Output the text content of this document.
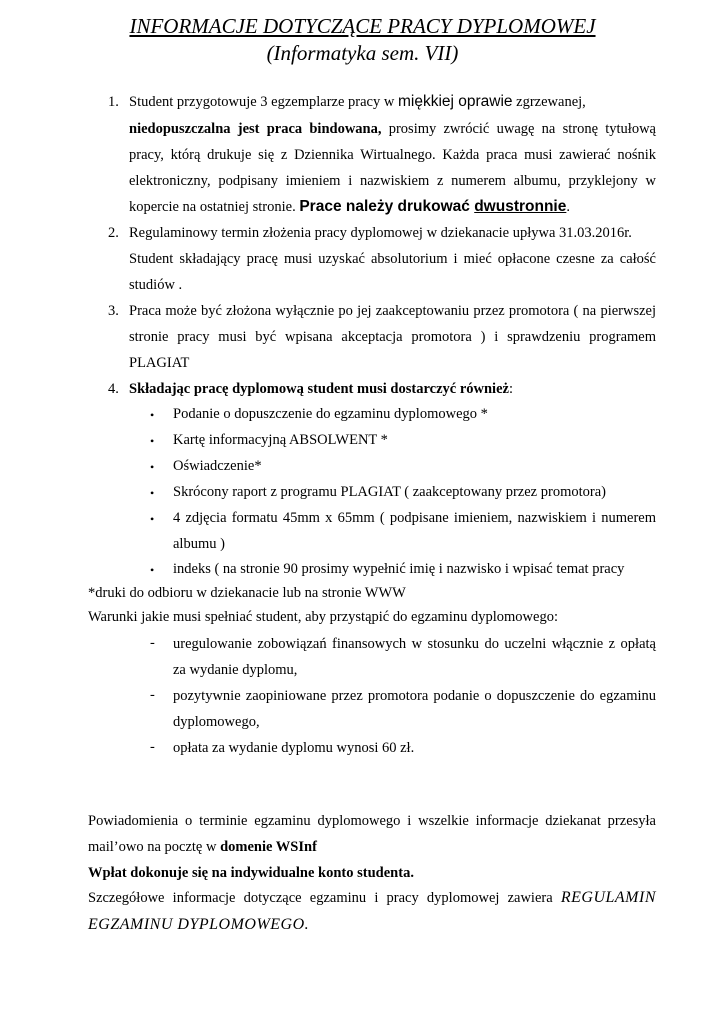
INFORMACJE DOTYCZĄCE PRACY DYPLOMOWEJ
(Informatyka sem. VII)
1. Student przygotowuje 3 egzemplarze pracy w miękkiej oprawie zgrzewanej,
niedopuszczalna jest praca bindowana, prosimy zwrócić uwagę na stronę tytułową
pracy, którą drukuje się z Dziennika Wirtualnego. Każda praca musi zawierać nośnik
elektroniczny, podpisany imieniem i nazwiskiem z numerem albumu, przyklejony w
kopercie na ostatniej stronie. Prace należy drukować dwustronnie.
2. Regulaminowy termin złożenia pracy dyplomowej w dziekanacie upływa 31.03.2016r.
Student składający pracę musi uzyskać absolutorium i mieć opłacone czesne za całość
studiów .
3. Praca może być złożona wyłącznie po jej zaakceptowaniu przez promotora ( na pierwszej
stronie pracy musi być wpisana akceptacja promotora ) i sprawdzeniu programem
PLAGIAT
4. Składając pracę dyplomową student musi dostarczyć również:
• Podanie o dopuszczenie do egzaminu dyplomowego *
• Kartę informacyjną ABSOLWENT *
• Oświadczenie*
• Skrócony raport z programu PLAGIAT ( zaakceptowany przez promotora)
• 4 zdjęcia formatu 45mm x 65mm ( podpisane imieniem, nazwiskiem i numerem
albumu )
• indeks ( na stronie 90 prosimy wypełnić imię i nazwisko i wpisać temat pracy
*druki do odbioru w dziekanacie lub na stronie WWW
Warunki jakie musi spełniać student, aby przystąpić do egzaminu dyplomowego:
- uregulowanie zobowiązań finansowych w stosunku do uczelni włącznie z opłatą
za wydanie dyplomu,
- pozytywnie zaopiniowane przez promotora podanie o dopuszczenie do egzaminu
dyplomowego,
- opłata za wydanie dyplomu wynosi 60 zł.
Powiadomienia o terminie egzaminu dyplomowego i wszelkie informacje dziekanat przesyła
mail’owo na pocztę w domenie WSInf
Wpłat dokonuje się na indywidualne konto studenta.
Szczegółowe informacje dotyczące egzaminu i pracy dyplomowej zawiera REGULAMIN
EGZAMINU DYPLOMOWEGO.
